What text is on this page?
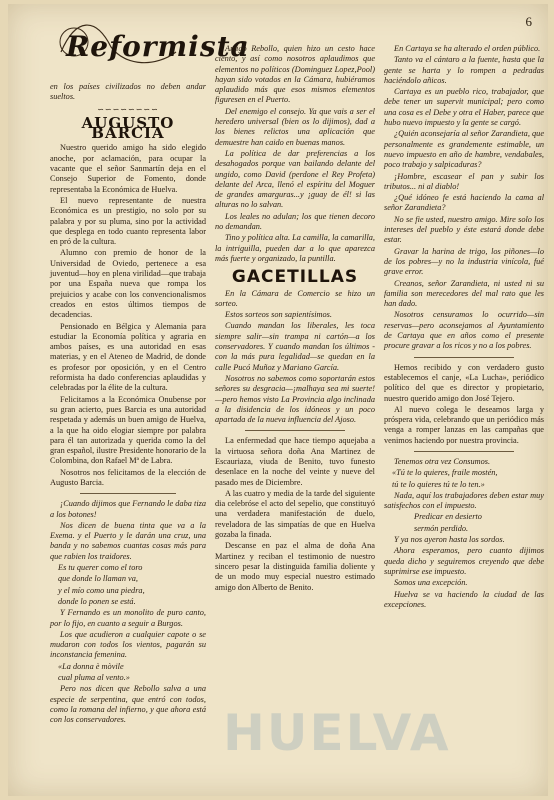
Reformista
6

en los países civilizados no deben andar sueltos.

∽∽∽∽∽∽∽∽
AUGUSTO BARCIA

Nuestro querido amigo ha sido elegido anoche, por aclamación, para ocupar la vacante que el señor Sanmartín deja en el Consejo Superior de Fomento, donde representaba la Económica de Huelva.

El nuevo representante de nuestra Económica es un prestigio, no solo por su palabra y por su pluma, sino por la actividad que desplega en todo cuanto representa labor en pró de la cultura.

Alumno con premio de honor de la Universidad de Oviedo, pertenece a esa juventud—hoy en plena virilidad—que trabaja por una España nueva que rompa los prejuicios y acabe con los convencionalismos creados en estos últimos tiempos de decadencias.

Pensionado en Bélgica y Alemania para estudiar la Economía política y agraria en ambos países, es una autoridad en esas materias, y en el Ateneo de Madrid, de donde es profesor por oposición, y en el Centro reformista ha dado conferencias aplaudidas y celebradas por la élite de la cultura.

Felicitamos a la Económica Onubense por su gran acierto, pues Barcia es una autoridad respetada y además un buen amigo de Huelva, a la que ha oido elogiar siempre por palabra para él tan autorizada y querida como la del gran español, ilustre Presidente honorario de la Colombina, don Rafael Mª de Labra.

Nosotros nos felicitamos de la elección de Augusto Barcia.

¡Cuando dijimos que Fernando le daba tiza a los botones!

Nos dicen de buena tinta que va a la Exema. y el Puerto y le darán una cruz, una banda y no sabemos cuantas cosas más para que rabien los traidores.

Es tu querer como el toro

que donde lo llaman va,

y el mío como una piedra,

donde lo ponen se está.

Y Fernando es un monolito de puro canto, por lo fijo, en cuanto a seguir a Burgos.

Los que acudieron a cualquier capote o se mudaron con todos los vientos, pagarán su inconstancia femenina.

«La donna è mòvile

cual pluma al vento.»

Pero nos dicen que Rebollo salva a una especie de serpentina, que entró con todos, como la romana del infierno, y que ahora está con los conservadores.

Amigo Rebollo, quien hizo un cesto hace ciento, y así como nosotros aplaudimos que elementos no políticos (Dominguez Lopez,Pool) hayan sido votados en la Cámara, hubiéramos aplaudido más que esos mismos elementos figuresen en el Puerto.

Del enemigo el consejo. Ya que vais a ser el heredero universal (bien os lo dijimos), dad a los bienes relictos una aplicación que demuestre han caido en buenas manos.

La política de dar preferencias a los desahogados porque van bailando delante del ungido, como David (perdone el Rey Profeta) delante del Arca, llenó el espíritu del Moguer de grandes amarguras...y ¡guay de él! si las alturas no lo salvan.

Los leales no adulan; los que tienen decoro no demandan.

Tino y política alta. La camilla, la camarilla, la intriguilla, pueden dar a lo que aparezca más fuerte y organizado, la puntilla.

GACETILLAS

En la Cámara de Comercio se hizo un sorteo.

Estos sorteos son sapientísimos.

Cuando mandan los liberales, les toca siempre salir—sin trampa ni cartón—a los conservadores. Y cuando mandan los últimos - con la más pura legalidad—se quedan en la calle Pucó Muñoz y Mariano García.

Nosotros no sabemos como soportarán estos señores su desgracia—¡malhaya sea mi suerte!—pero hemos visto La Provincia algo inclinada a la disidencia de los idóneos y un poco apartada de la nueva influencia del Ajoso.

La enfermedad que hace tiempo aquejaba a la virtuosa señora doña Ana Martinez de Escauriaza, viuda de Benito, tuvo funesto desenlace en la noche del veinte y nueve del pasado mes de Diciembre.

A las cuatro y media de la tarde del siguiente dia celebróse el acto del sepelio, que constituyó una verdadera manifestación de duelo, reveladora de las simpatías de que en Huelva gozaba la finada.

Descanse en paz el alma de doña Ana Martinez y reciban el testimonio de nuestro sincero pesar la distinguida familia doliente y de un modo muy especial nuestro estimado amigo don Alberto de Benito.

En Cartaya se ha alterado el orden público.

Tanto va el cántaro a la fuente, hasta que la gente se harta y lo rompen a pedradas haciéndolo añicos.

Cartaya es un pueblo rico, trabajador, que debe tener un supervit municipal; pero como una cosa es el Debe y otra el Haber, parece que hubo nuevo impuesto y la gente se cargó.

¿Quién aconsejaría al señor Zarandieta, que personalmente es grandemente estimable, un nuevo impuesto en año de hambre, vendabales, poco trabajo y salpicaduras?

¡Hombre, escasear el pan y subir los tributos... ni al diablo!

¿Qué idóneo fe está haciendo la cama al señor Zarandieta?

No se fie usted, nuestro amigo. Mire solo los intereses del pueblo y éste estará donde debe estar.

Gravar la harina de trigo, los piñones—lo de los pobres—y no la industria vinícola, fué grave error.

Creanos, señor Zarandieta, ni usted ni su familia son merecedores del mal rato que les han dado.

Nosotros censuramos lo ocurrido—sin reservas—pero aconsejamos al Ayuntamiento de Cartaya que en años como el presente procure gravar a los ricos y no a los pobres.

Hemos recibido y con verdadero gusto establecemos el canje, «La Lucha», periódico político del que es director y propietario, nuestro querido amigo don José Tejero.

Al nuevo colega le deseamos larga y próspera vida, celebrando que un periódico más venga a romper lanzas en las campañas que venimos haciendo por nuestra provincia.

Tenemos otra vez Consumos.

«Tú te lo quieres, fraile mostén,

tú te lo quieres tú te lo ten.»

Nada, aquí los trabajadores deben estar muy satisfechos con el impuesto.

Predicar en desierto

sermón perdido.

Y ya nos ayeron hasta los sordos.

Ahora esperamos, pero cuanto dijimos queda dicho y seguiremos creyendo que debe suprimirse ese impuesto.

Somos una excepción.

Huelva se va haciendo la ciudad de las excepciones.

HUELVA
